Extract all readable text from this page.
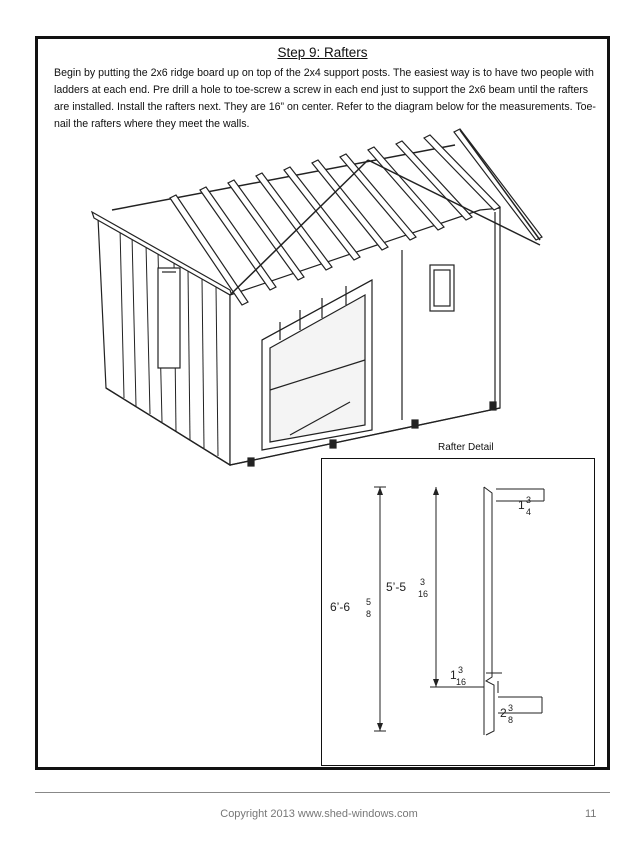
Step 9: Rafters

Begin by putting the 2x6 ridge board up on top of the 2x4 support posts. The easiest way is to have two people with ladders at each end. Pre drill a hole to toe-screw a screw in each end just to support the 2x6 beam until the rafters are installed. Install the rafters next. They are 16” on center. Refer to the diagram below for the measurements. Toe-nail the rafters where they meet the walls.

Rafter Detail
6’-6 5
8
5’-5 3
16
1 3
4
1 3
16
2 3
8
Copyright 2013 www.shed-windows.com	11
